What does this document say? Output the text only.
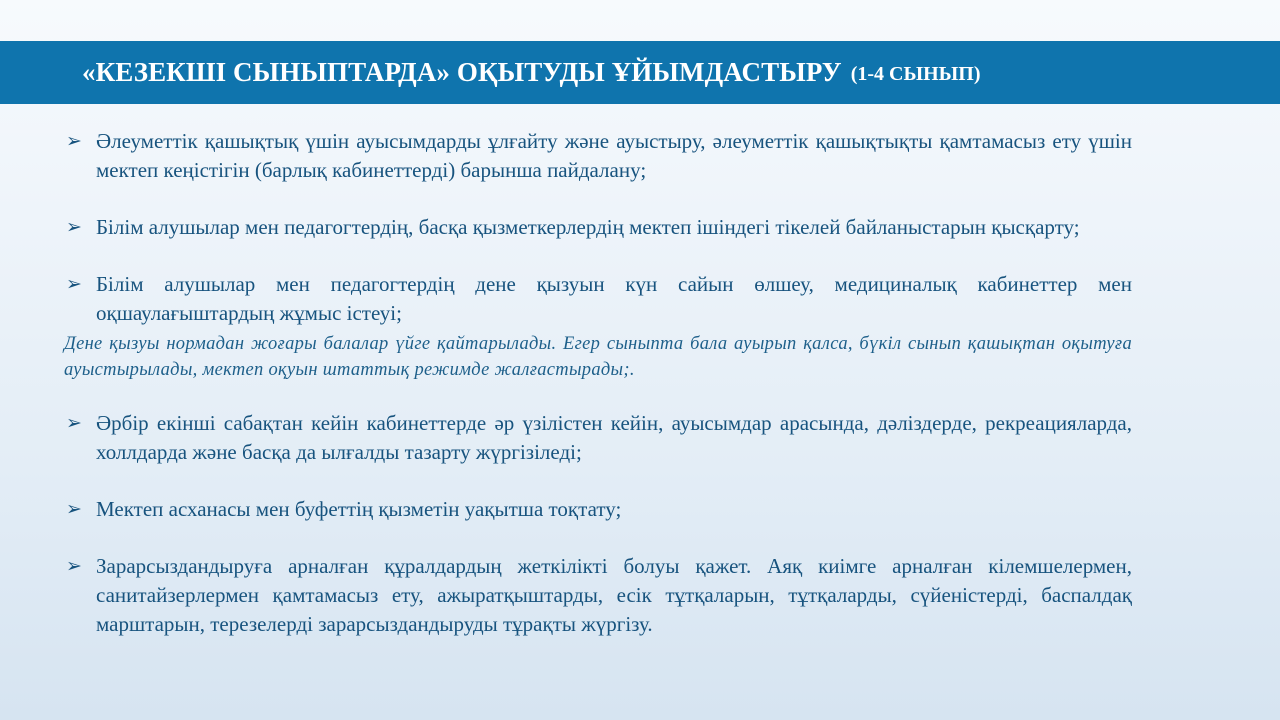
«КЕЗЕКШІ СЫНЫПТАРДА» ОҚЫТУДЫ ҰЙЫМДАСТЫРУ (1-4 СЫНЫП)
➢ Әлеуметтік қашықтық үшін ауысымдарды ұлғайту және ауыстыру, әлеуметтік қашықтықты қамтамасыз ету үшін мектеп кеңістігін (барлық кабинеттерді) барынша пайдалану;
➢ Білім алушылар мен педагогтердің, басқа қызметкерлердің мектеп ішіндегі тікелей байланыстарын қысқарту;
➢ Білім алушылар мен педагогтердің дене қызуын күн сайын өлшеу, медициналық кабинеттер мен оқшаулағыштардың жұмыс істеуі;
Дене қызуы нормадан жоғары балалар үйге қайтарылады. Егер сыныпта бала ауырып қалса, бүкіл сынып қашықтан оқытуға ауыстырылады, мектеп оқуын штаттық режимде жалғастырады;.
➢ Әрбір екінші сабақтан кейін кабинеттерде әр үзілістен кейін, ауысымдар арасында, дәліздерде, рекреацияларда, холлдарда және басқа да ылғалды тазарту жүргізіледі;
➢ Мектеп асханасы мен буфеттің қызметін уақытша тоқтату;
➢ Зарарсыздандыруға арналған құралдардың жеткілікті болуы қажет. Аяқ киімге арналған кілемшелермен, санитайзерлермен қамтамасыз ету, ажыратқыштарды, есік тұтқаларын, тұтқаларды, сүйеністерді, баспалдақ марштарын, терезелерді зарарсыздандыруды тұрақты жүргізу.
